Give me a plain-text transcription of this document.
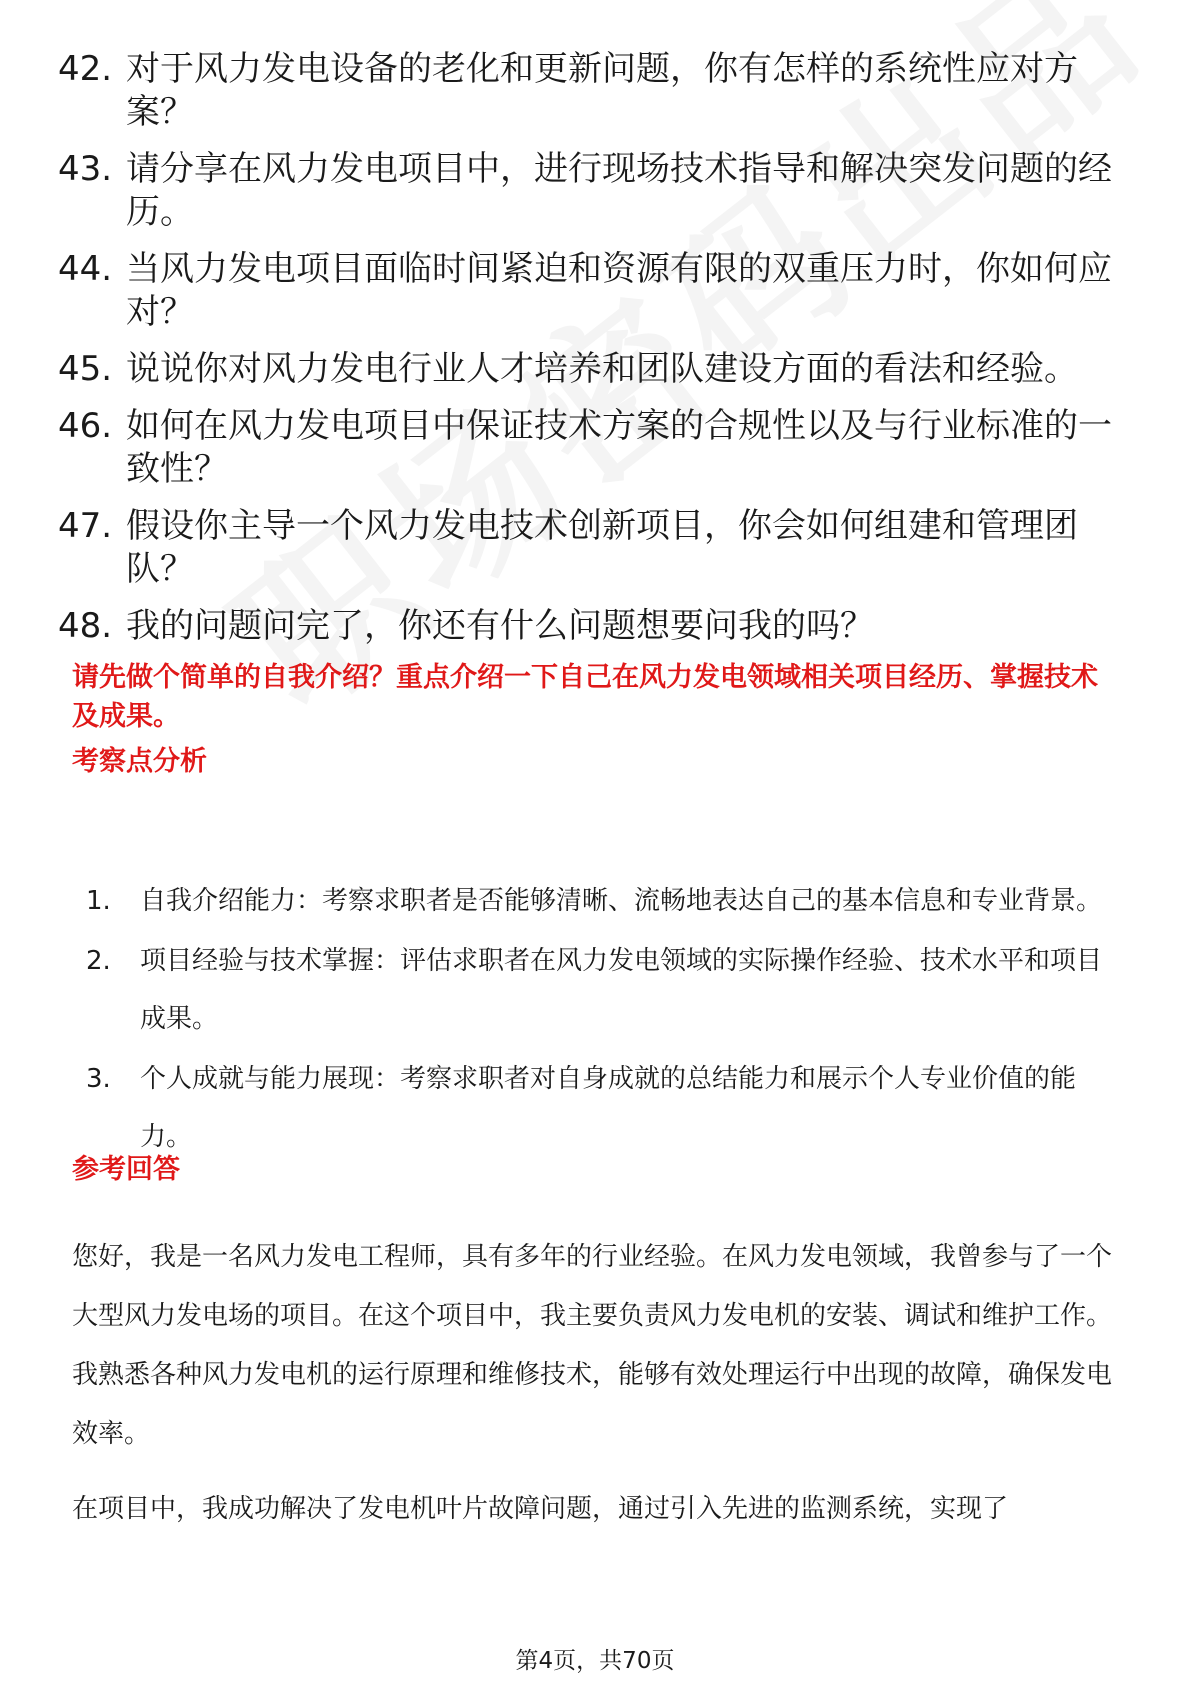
42. 对于风力发电设备的老化和更新问题，你有怎样的系统性应对方案？
43. 请分享在风力发电项目中，进行现场技术指导和解决突发问题的经历。
44. 当风力发电项目面临时间紧迫和资源有限的双重压力时，你如何应对？
45. 说说你对风力发电行业人才培养和团队建设方面的看法和经验。
46. 如何在风力发电项目中保证技术方案的合规性以及与行业标准的一致性？
47. 假设你主导一个风力发电技术创新项目，你会如何组建和管理团队？
48. 我的问题问完了，你还有什么问题想要问我的吗？
请先做个简单的自我介绍？重点介绍一下自己在风力发电领域相关项目经历、掌握技术及成果。
考察点分析
1.	自我介绍能力：考察求职者是否能够清晰、流畅地表达自己的基本信息和专业背景。
2.	项目经验与技术掌握：评估求职者在风力发电领域的实际操作经验、技术水平和项目成果。
3.	个人成就与能力展现：考察求职者对自身成就的总结能力和展示个人专业价值的能力。
参考回答
您好，我是一名风力发电工程师，具有多年的行业经验。在风力发电领域，我曾参与了一个大型风力发电场的项目。在这个项目中，我主要负责风力发电机的安装、调试和维护工作。我熟悉各种风力发电机的运行原理和维修技术，能够有效处理运行中出现的故障，确保发电效率。
在项目中，我成功解决了发电机叶片故障问题，通过引入先进的监测系统，实现了
第4页，共70页
